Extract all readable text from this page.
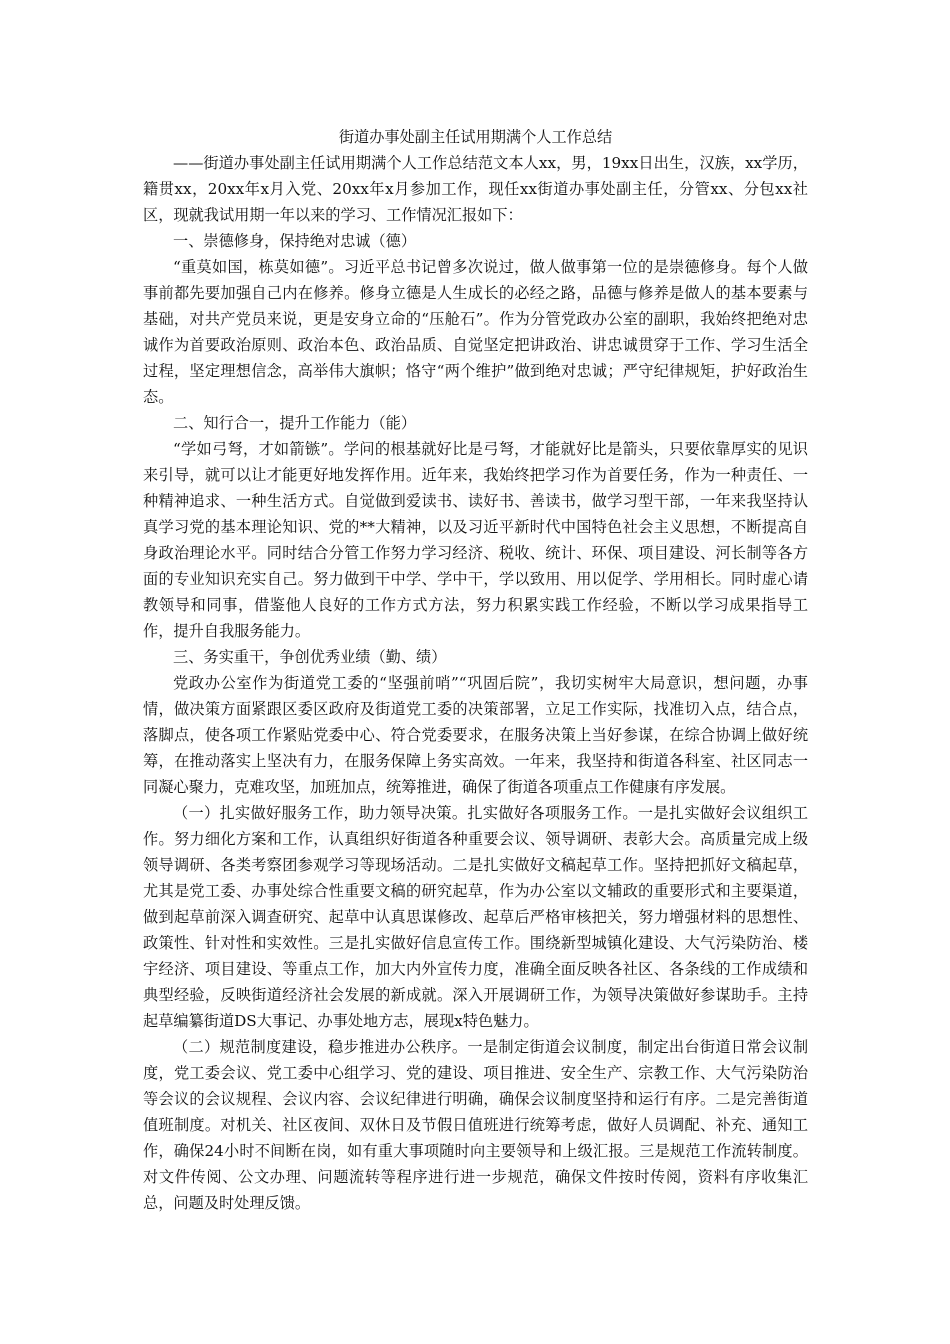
街道办事处副主任试用期满个人工作总结

——街道办事处副主任试用期满个人工作总结范文本人xx，男，19xx日出生，汉族，xx学历，籍贯xx，20xx年x月入党、20xx年x月参加工作，现任xx街道办事处副主任，分管xx、分包xx社区，现就我试用期一年以来的学习、工作情况汇报如下：

一、崇德修身，保持绝对忠诚（德）

“重莫如国，栋莫如德”。习近平总书记曾多次说过，做人做事第一位的是崇德修身。每个人做事前都先要加强自己内在修养。修身立德是人生成长的必经之路，品德与修养是做人的基本要素与基础，对共产党员来说，更是安身立命的“压舱石”。作为分管党政办公室的副职，我始终把绝对忠诚作为首要政治原则、政治本色、政治品质、自觉坚定把讲政治、讲忠诚贯穿于工作、学习生活全过程，坚定理想信念，高举伟大旗帜；恪守“两个维护”做到绝对忠诚；严守纪律规矩，护好政治生态。

二、知行合一，提升工作能力（能）

“学如弓弩，才如箭镞”。学问的根基就好比是弓弩，才能就好比是箭头，只要依靠厚实的见识来引导，就可以让才能更好地发挥作用。近年来，我始终把学习作为首要任务，作为一种责任、一种精神追求、一种生活方式。自觉做到爱读书、读好书、善读书，做学习型干部，一年来我坚持认真学习党的基本理论知识、党的**大精神，以及习近平新时代中国特色社会主义思想，不断提高自身政治理论水平。同时结合分管工作努力学习经济、税收、统计、环保、项目建设、河长制等各方面的专业知识充实自己。努力做到干中学、学中干，学以致用、用以促学、学用相长。同时虚心请教领导和同事，借鉴他人良好的工作方式方法，努力积累实践工作经验，不断以学习成果指导工作，提升自我服务能力。

三、务实重干，争创优秀业绩（勤、绩）

党政办公室作为街道党工委的“坚强前哨”“巩固后院”，我切实树牢大局意识，想问题，办事情，做决策方面紧跟区委区政府及街道党工委的决策部署，立足工作实际，找准切入点，结合点，落脚点，使各项工作紧贴党委中心、符合党委要求，在服务决策上当好参谋，在综合协调上做好统筹，在推动落实上坚决有力，在服务保障上务实高效。一年来，我坚持和街道各科室、社区同志一同凝心聚力，克难攻坚，加班加点，统筹推进，确保了街道各项重点工作健康有序发展。

（一）扎实做好服务工作，助力领导决策。扎实做好各项服务工作。一是扎实做好会议组织工作。努力细化方案和工作，认真组织好街道各种重要会议、领导调研、表彰大会。高质量完成上级领导调研、各类考察团参观学习等现场活动。二是扎实做好文稿起草工作。坚持把抓好文稿起草，尤其是党工委、办事处综合性重要文稿的研究起草，作为办公室以文辅政的重要形式和主要渠道，做到起草前深入调查研究、起草中认真思谋修改、起草后严格审核把关，努力增强材料的思想性、政策性、针对性和实效性。三是扎实做好信息宣传工作。围绕新型城镇化建设、大气污染防治、楼宇经济、项目建设、等重点工作，加大内外宣传力度，准确全面反映各社区、各条线的工作成绩和典型经验，反映街道经济社会发展的新成就。深入开展调研工作，为领导决策做好参谋助手。主持起草编纂街道DS大事记、办事处地方志，展现x特色魅力。

（二）规范制度建设，稳步推进办公秩序。一是制定街道会议制度，制定出台街道日常会议制度，党工委会议、党工委中心组学习、党的建设、项目推进、安全生产、宗教工作、大气污染防治等会议的会议规程、会议内容、会议纪律进行明确，确保会议制度坚持和运行有序。二是完善街道值班制度。对机关、社区夜间、双休日及节假日值班进行统筹考虑，做好人员调配、补充、通知工作，确保24小时不间断在岗，如有重大事项随时向主要领导和上级汇报。三是规范工作流转制度。对文件传阅、公文办理、问题流转等程序进行进一步规范，确保文件按时传阅，资料有序收集汇总，问题及时处理反馈。
